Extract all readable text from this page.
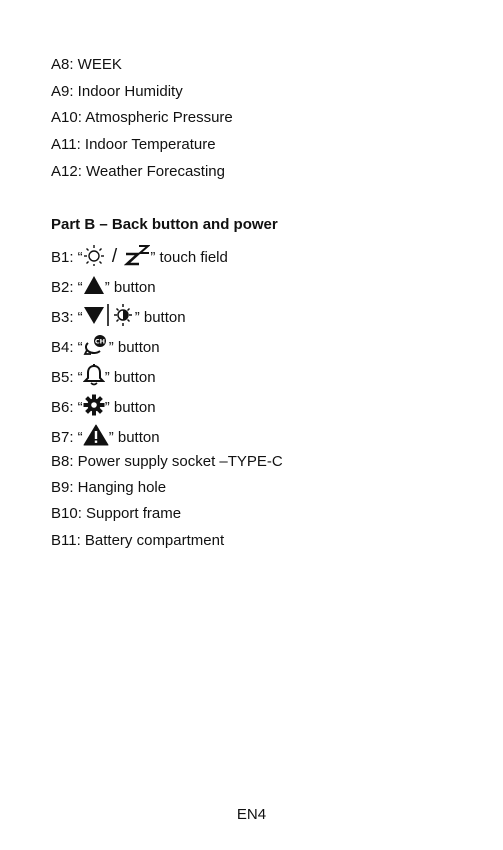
A8: WEEK
A9: Indoor Humidity
A10: Atmospheric Pressure
A11: Indoor Temperature
A12: Weather Forecasting
Part B – Back button and power
B1: “ / ” touch field
B2: “ ” button
B3: “	” button
B4: “ CH ” button
B5: “ ” button
B6: “ ” button
B7: “ ” button
B8: Power supply socket –TYPE-C
B9: Hanging hole
B10: Support frame
B11: Battery compartment
EN4
